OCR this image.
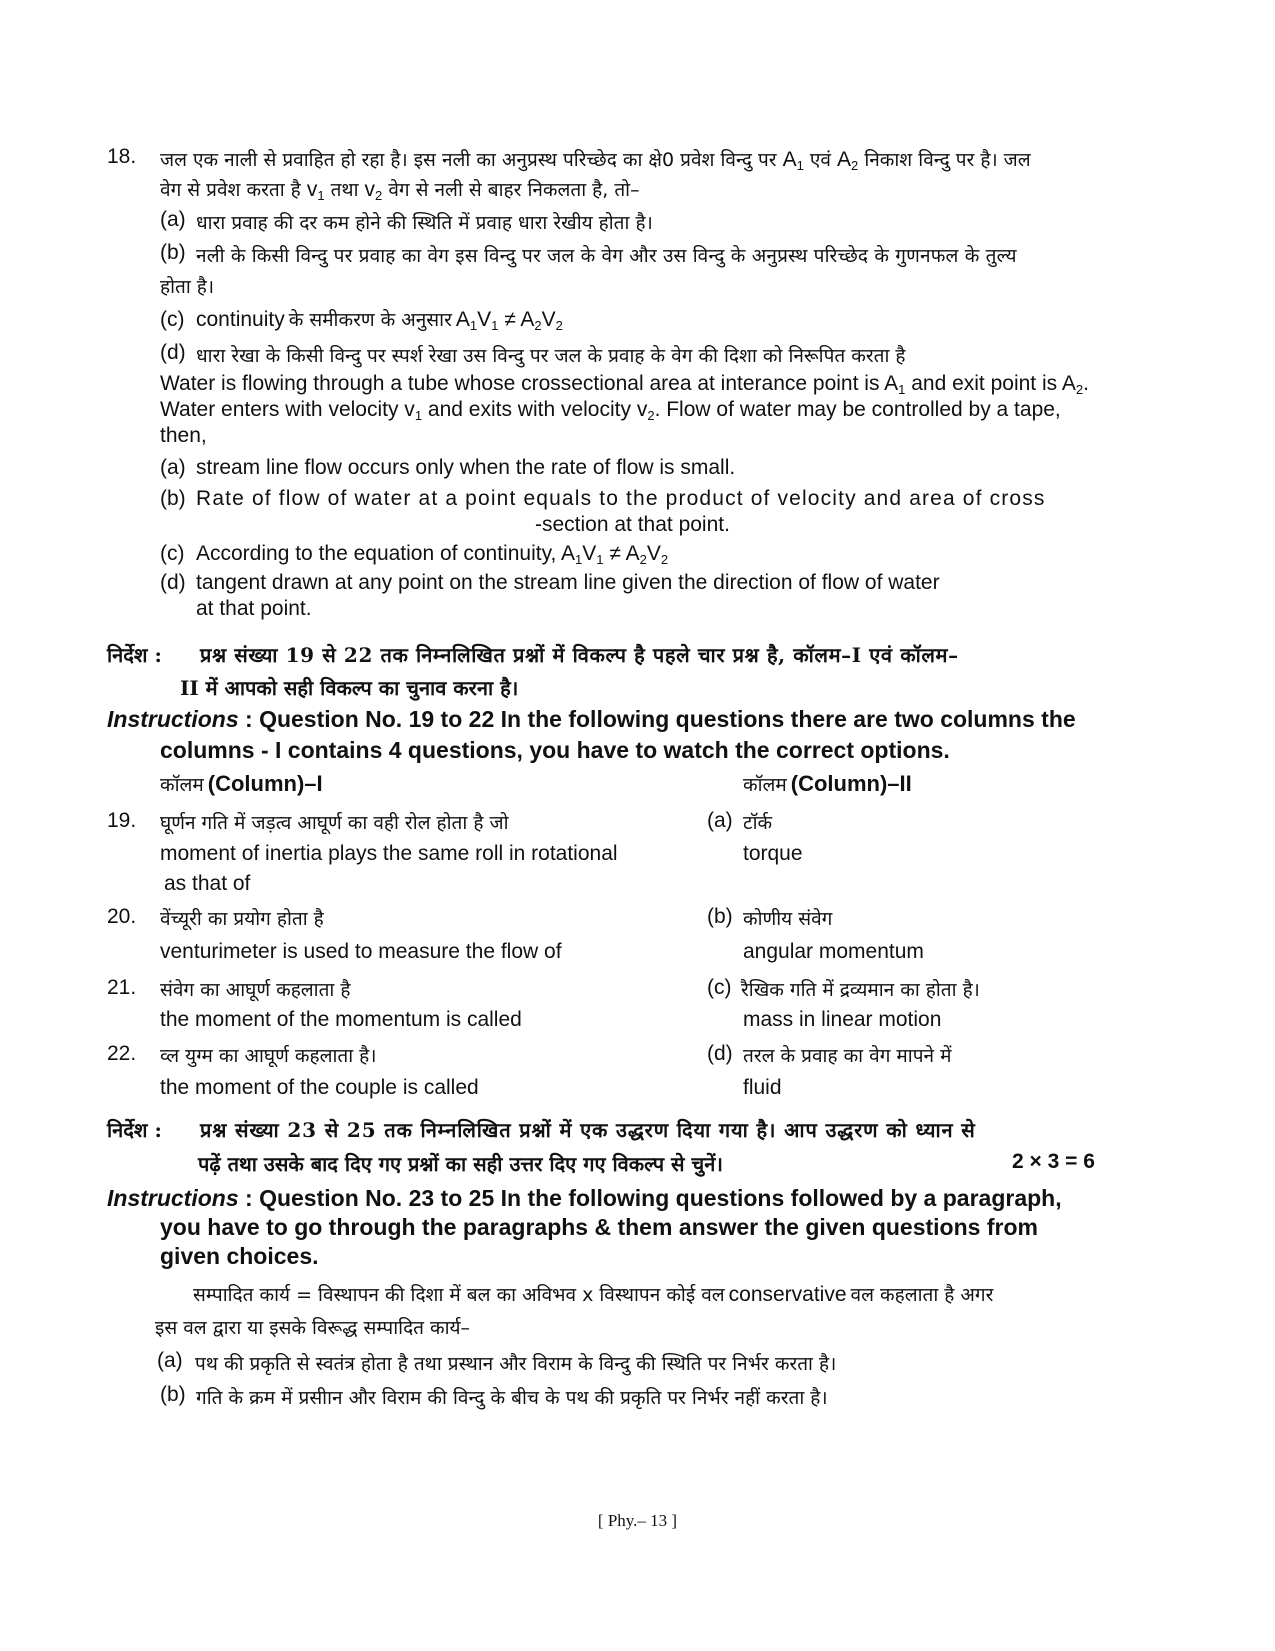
18. जल एक नाली से प्रवाहित हो रहा है। इस नली का अनुप्रस्थ परिच्छेद का क्षे0 प्रवेश विन्दु पर $A_1$ एवं $A_2$ निकाश विन्दु पर है। जल
वेग से प्रवेश करता है $v_1$ तथा $v_2$ वेग से नली से बाहर निकलता है, तो–
(a) धारा प्रवाह की दर कम होने की स्थिति में प्रवाह धारा रेखीय होता है।
(b) नली के किसी विन्दु पर प्रवाह का वेग इस विन्दु पर जल के वेग और उस विन्दु के अनुप्रस्थ परिच्छेद के गुणनफल के तुल्य
होता है।
(c) continuity के समीकरण के अनुसार $A_1V_1 \ne A_2V_2$
(d) धारा रेखा के किसी विन्दु पर स्पर्श रेखा उस विन्दु पर जल के प्रवाह के वेग की दिशा को निरूपित करता है
Water is flowing through a tube whose crossectional area at interance point is $A_1$ and exit point is $A_2$.
Water enters with velocity $v_1$ and exits with velocity $v_2$. Flow of water may be controlled by a tape,
then,
(a) stream line flow occurs only when the rate of flow is small.
(b) Rate of flow of water at a point equals to the product of velocity and area of cross
-section at that point.
(c) According to the equation of continuity, $A_1V_1 \ne A_2V_2$
(d) tangent drawn at any point on the stream line given the direction of flow of water
at that point.
निर्देश : प्रश्न संख्या 19 से 22 तक निम्नलिखित प्रश्नों में विकल्प है पहले चार प्रश्न है, कॉलम–I एवं कॉलम–
II में आपको सही विकल्प का चुनाव करना है।
Instructions : Question No. 19 to 22 In the following questions there are two columns the
columns - I contains 4 questions, you have to watch the correct options.
कॉलम (Column)–I	कॉलम (Column)–II
19. घूर्णन गति में जड़त्व आघूर्ण का वही रोल होता है जो
moment of inertia plays the same roll in rotational
as that of
(a) टॉर्क
torque
20. वेंच्यूरी का प्रयोग होता है
venturimeter is used to measure the flow of
(b) कोणीय संवेग
angular momentum
21. संवेग का आघूर्ण कहलाता है
the moment of the momentum is called
(c) रैखिक गति में द्रव्यमान का होता है।
mass in linear motion
22. व्ल युग्म का आघूर्ण कहलाता है।
the moment of the couple is called
(d) तरल के प्रवाह का वेग मापने में
fluid
निर्देश : प्रश्न संख्या 23 से 25 तक निम्नलिखित प्रश्नों में एक उद्धरण दिया गया है। आप उद्धरण को ध्यान से
पढ़ें तथा उसके बाद दिए गए प्रश्नों का सही उत्तर दिए गए विकल्प से चुनें।	2 × 3 = 6
Instructions : Question No. 23 to 25 In the following questions followed by a paragraph,
you have to go through the paragraphs & them answer the given questions from
given choices.
सम्पादित कार्य = विस्थापन की दिशा में बल का अविभव x विस्थापन कोई वल conservative वल कहलाता है अगर
इस वल द्वारा या इसके विरूद्ध सम्पादित कार्य–
(a) पथ की प्रकृति से स्वतंत्र होता है तथा प्रस्थान और विराम के विन्दु की स्थिति पर निर्भर करता है।
(b) गति के क्रम में प्रसीान और विराम की विन्दु के बीच के पथ की प्रकृति पर निर्भर नहीं करता है।
[ Phy.– 13 ]
